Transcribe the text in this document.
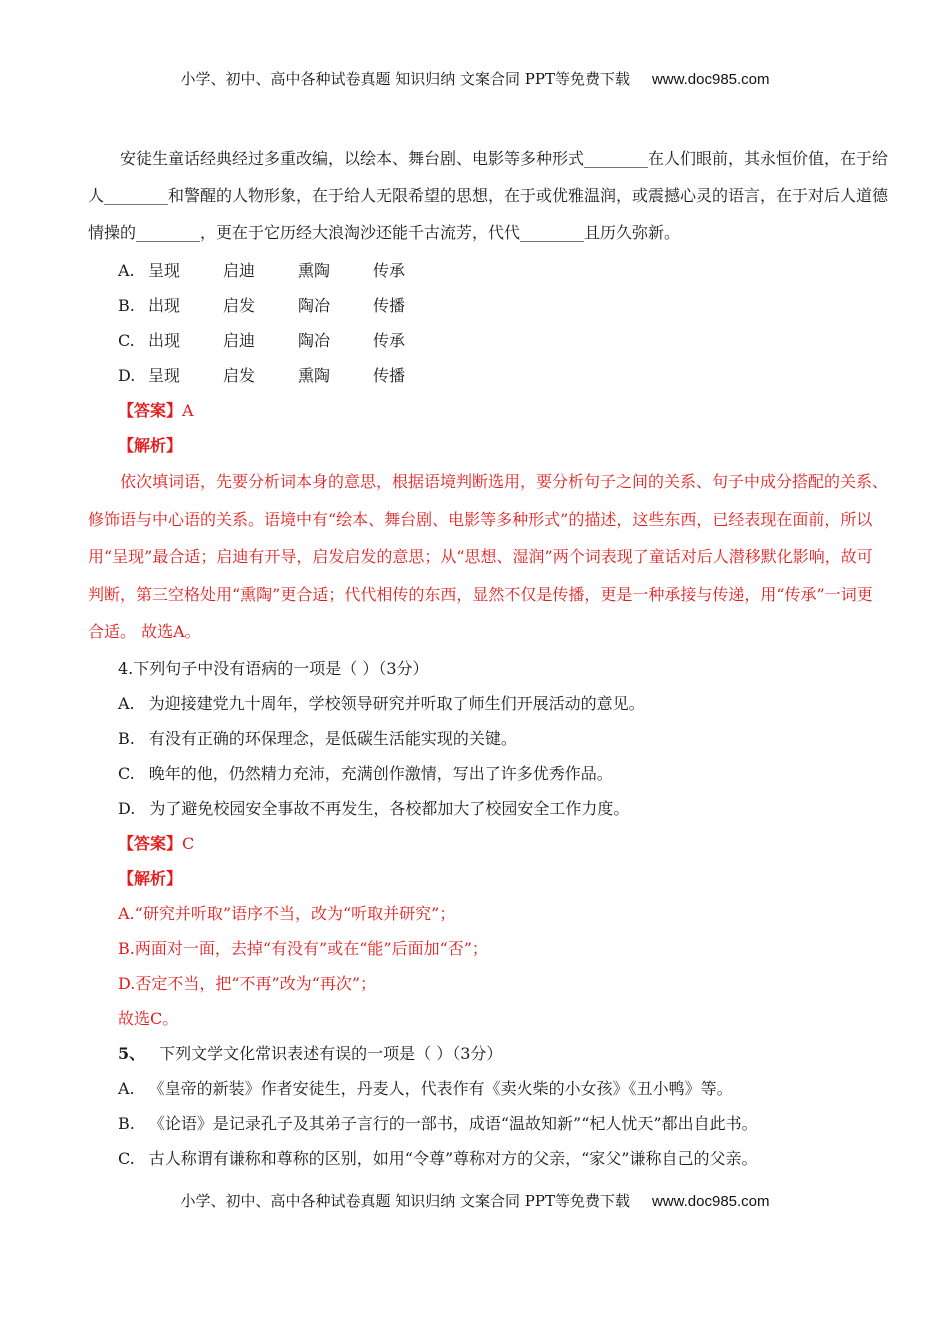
小学、初中、高中各种试卷真题 知识归纳 文案合同 PPT等免费下载 www.doc985.com

安徒生童话经典经过多重改编，以绘本、舞台剧、电影等多种形式________在人们眼前，其永恒价值，在于给人________和警醒的人物形象，在于给人无限希望的思想，在于或优雅温润，或震撼心灵的语言，在于对后人道德情操的________，更在于它历经大浪淘沙还能千古流芳，代代________且历久弥新。

A. 呈现	启迪	熏陶	传承
B. 出现	启发	陶冶	传播
C. 出现	启迪	陶冶	传承
D. 呈现	启发	熏陶	传播
【答案】A
【解析】

依次填词语，先要分析词本身的意思，根据语境判断选用，要分析句子之间的关系、句子中成分搭配的关系、修饰语与中心语的关系。语境中有“绘本、舞台剧、电影等多种形式”的描述，这些东西，已经表现在面前，所以用“呈现”最合适；启迪有开导，启发启发的意思；从“思想、湿润”两个词表现了童话对后人潜移默化影响，故可判断，第三空格处用“熏陶”更合适；代代相传的东西，显然不仅是传播，更是一种承接与传递，用“传承”一词更合适。 故选A。

4.下列句子中没有语病的一项是（ ）（3分）
A. 为迎接建党九十周年，学校领导研究并听取了师生们开展活动的意见。
B. 有没有正确的环保理念，是低碳生活能实现的关键。
C. 晚年的他，仍然精力充沛，充满创作激情，写出了许多优秀作品。
D. 为了避免校园安全事故不再发生，各校都加大了校园安全工作力度。
【答案】C
【解析】
A.“研究并听取”语序不当，改为“听取并研究”；
B.两面对一面，去掉“有没有”或在“能”后面加“否”；
D.否定不当，把“不再”改为“再次”；
故选C。
5、 下列文学文化常识表述有误的一项是（ ）（3分）
A. 《皇帝的新装》作者安徒生，丹麦人，代表作有《卖火柴的小女孩》《丑小鸭》等。
B. 《论语》是记录孔子及其弟子言行的一部书，成语“温故知新”“杞人忧天”都出自此书。
C. 古人称谓有谦称和尊称的区别，如用“令尊”尊称对方的父亲，“家父”谦称自己的父亲。
小学、初中、高中各种试卷真题 知识归纳 文案合同 PPT等免费下载 www.doc985.com
